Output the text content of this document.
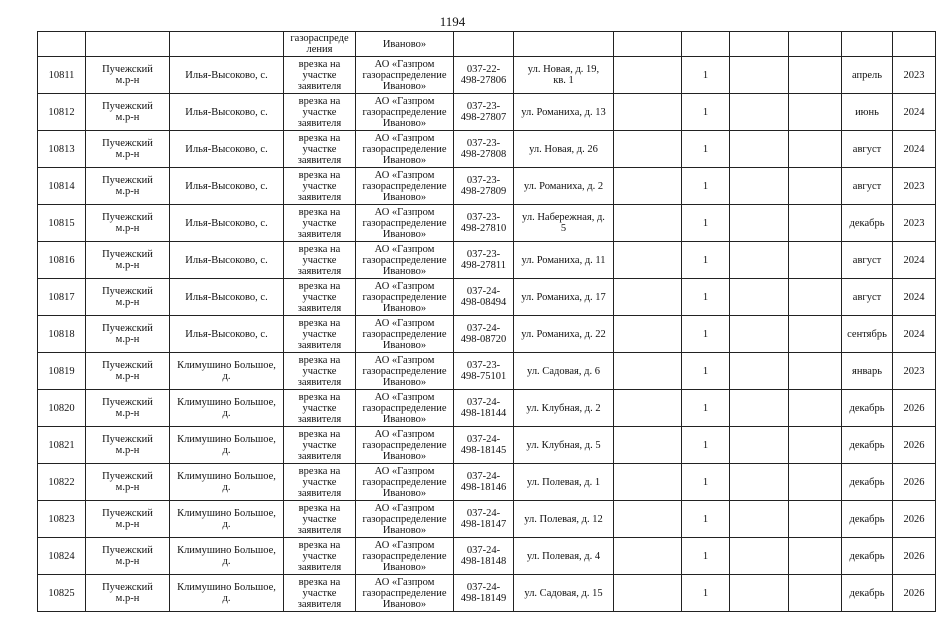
1194
			газораспреде
ления	Иваново»								
10811	Пучежский
м.р-н	Илья-Высоково, с.	врезка на
участке
заявителя	АО «Газпром
газораспределение
Иваново»	037-22-
498-27806	ул. Новая, д. 19,
кв. 1		1			апрель	2023
10812	Пучежский
м.р-н	Илья-Высоково, с.	врезка на
участке
заявителя	АО «Газпром
газораспределение
Иваново»	037-23-
498-27807	ул. Романиха, д. 13		1			июнь	2024
10813	Пучежский
м.р-н	Илья-Высоково, с.	врезка на
участке
заявителя	АО «Газпром
газораспределение
Иваново»	037-23-
498-27808	ул. Новая, д. 26		1			август	2024
10814	Пучежский
м.р-н	Илья-Высоково, с.	врезка на
участке
заявителя	АО «Газпром
газораспределение
Иваново»	037-23-
498-27809	ул. Романиха, д. 2		1			август	2023
10815	Пучежский
м.р-н	Илья-Высоково, с.	врезка на
участке
заявителя	АО «Газпром
газораспределение
Иваново»	037-23-
498-27810	ул. Набережная, д.
5		1			декабрь	2023
10816	Пучежский
м.р-н	Илья-Высоково, с.	врезка на
участке
заявителя	АО «Газпром
газораспределение
Иваново»	037-23-
498-27811	ул. Романиха, д. 11		1			август	2024
10817	Пучежский
м.р-н	Илья-Высоково, с.	врезка на
участке
заявителя	АО «Газпром
газораспределение
Иваново»	037-24-
498-08494	ул. Романиха, д. 17		1			август	2024
10818	Пучежский
м.р-н	Илья-Высоково, с.	врезка на
участке
заявителя	АО «Газпром
газораспределение
Иваново»	037-24-
498-08720	ул. Романиха, д. 22		1			сентябрь	2024
10819	Пучежский
м.р-н	Климушино Большое,
д.	врезка на
участке
заявителя	АО «Газпром
газораспределение
Иваново»	037-23-
498-75101	ул. Садовая, д. 6		1			январь	2023
10820	Пучежский
м.р-н	Климушино Большое,
д.	врезка на
участке
заявителя	АО «Газпром
газораспределение
Иваново»	037-24-
498-18144	ул. Клубная, д. 2		1			декабрь	2026
10821	Пучежский
м.р-н	Климушино Большое,
д.	врезка на
участке
заявителя	АО «Газпром
газораспределение
Иваново»	037-24-
498-18145	ул. Клубная, д. 5		1			декабрь	2026
10822	Пучежский
м.р-н	Климушино Большое,
д.	врезка на
участке
заявителя	АО «Газпром
газораспределение
Иваново»	037-24-
498-18146	ул. Полевая, д. 1		1			декабрь	2026
10823	Пучежский
м.р-н	Климушино Большое,
д.	врезка на
участке
заявителя	АО «Газпром
газораспределение
Иваново»	037-24-
498-18147	ул. Полевая, д. 12		1			декабрь	2026
10824	Пучежский
м.р-н	Климушино Большое,
д.	врезка на
участке
заявителя	АО «Газпром
газораспределение
Иваново»	037-24-
498-18148	ул. Полевая, д. 4		1			декабрь	2026
10825	Пучежский
м.р-н	Климушино Большое,
д.	врезка на
участке
заявителя	АО «Газпром
газораспределение
Иваново»	037-24-
498-18149	ул. Садовая, д. 15		1			декабрь	2026
